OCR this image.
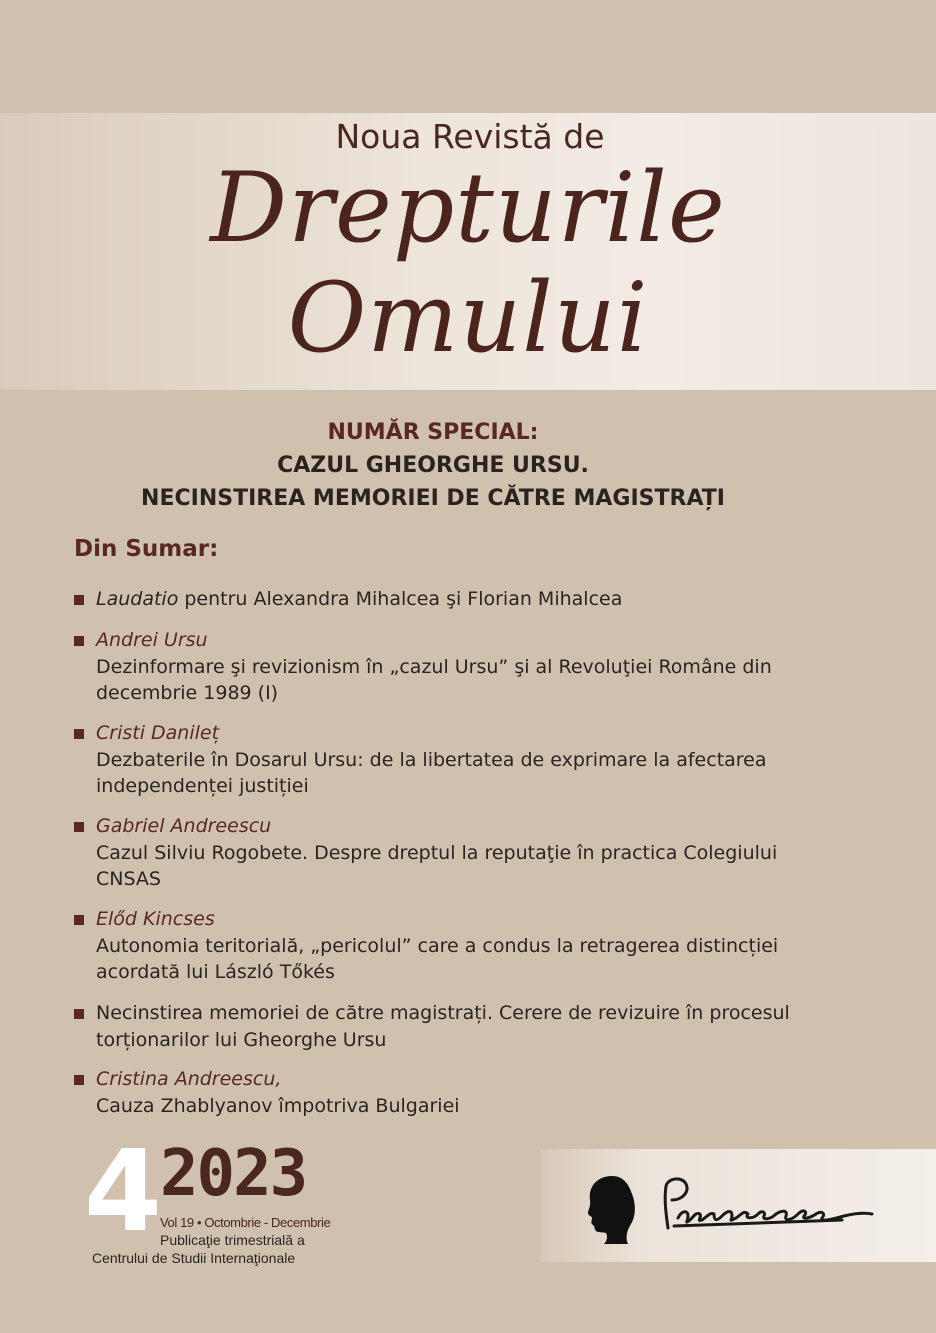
Noua Revistă de
Drepturile
Omului
NUMĂR SPECIAL:
CAZUL GHEORGHE URSU.
NECINSTIREA MEMORIEI DE CĂTRE MAGISTRAȚI
Din Sumar:
Laudatio pentru Alexandra Mihalcea şi Florian Mihalcea
Andrei Ursu
Dezinformare şi revizionism în „cazul Ursu” şi al Revoluţiei Române din decembrie 1989 (I)
Cristi Danileț
Dezbaterile în Dosarul Ursu: de la libertatea de exprimare la afectarea independenței justiției
Gabriel Andreescu
Cazul Silviu Rogobete. Despre dreptul la reputaţie în practica Colegiului CNSAS
Előd Kincses
Autonomia teritorială, „pericolul” care a condus la retragerea distincției acordată lui László Tőkés
Necinstirea memoriei de către magistrați. Cerere de revizuire în procesul torționarilor lui Gheorghe Ursu
Cristina Andreescu,
Cauza Zhablyanov împotriva Bulgariei
4 2023
Vol 19 • Octombrie - Decembrie
Publicaţie trimestrială a
Centrului de Studii Internaţionale
